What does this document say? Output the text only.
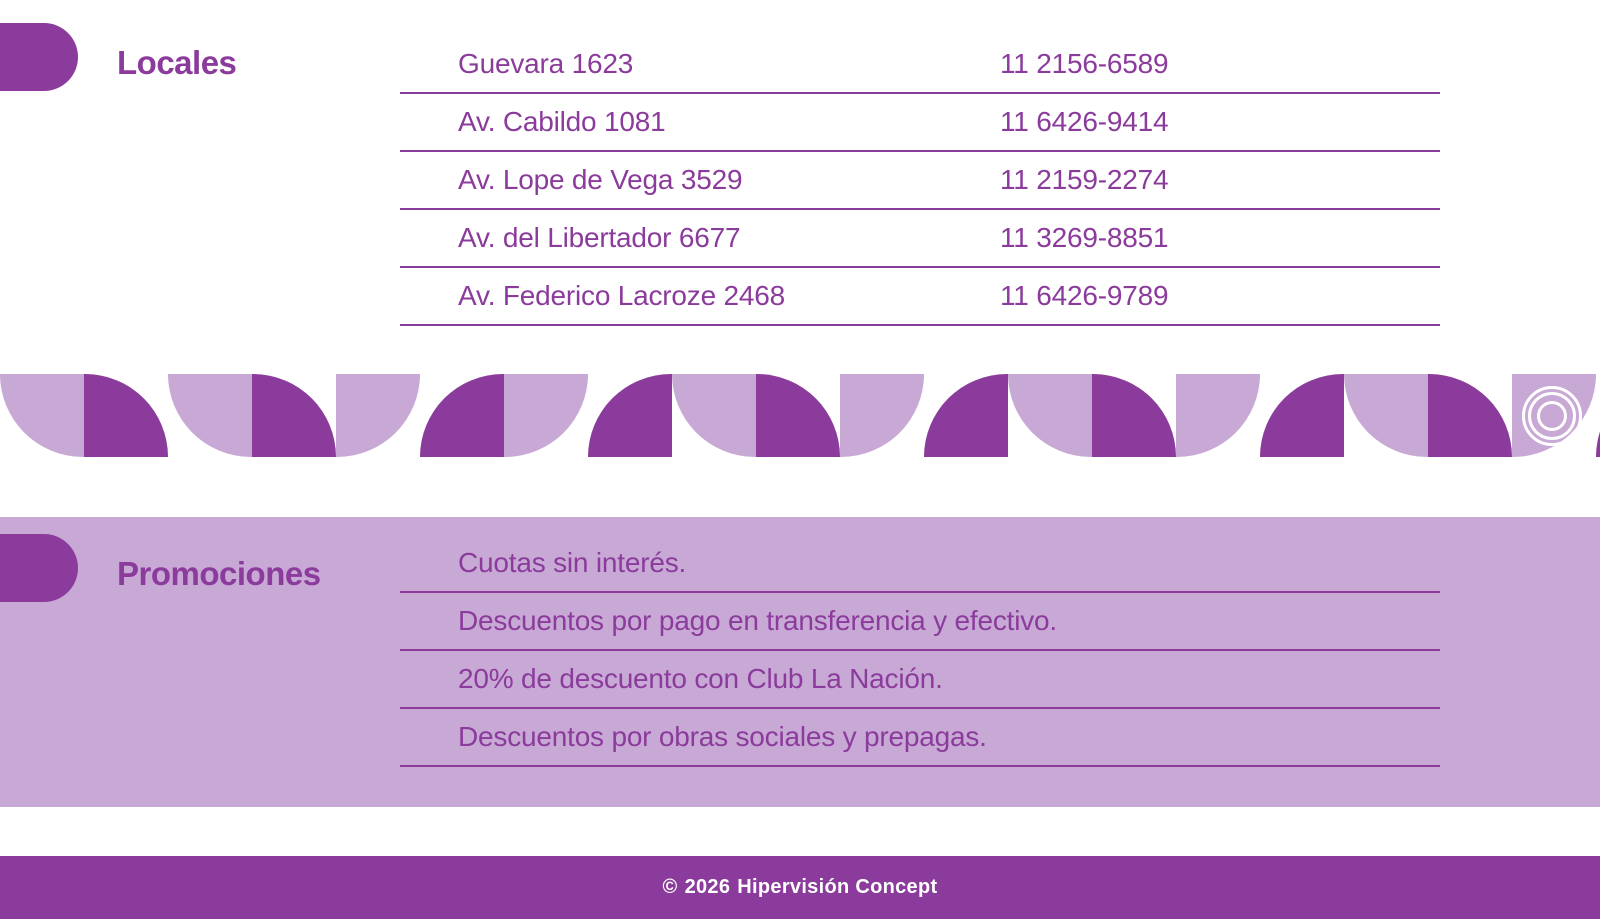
Locales	Guevara 1623	11 2156-6589
Av. Cabildo 1081	11 6426-9414
Av. Lope de Vega 3529	11 2159-2274
Av. del Libertador 6677	11 3269-8851
Av. Federico Lacroze 2468	11 6426-9789
Promociones	Cuotas sin interés.
Descuentos por pago en transferencia y efectivo.
20% de descuento con Club La Nación.
Descuentos por obras sociales y prepagas.
© 2026 Hipervisión Concept
